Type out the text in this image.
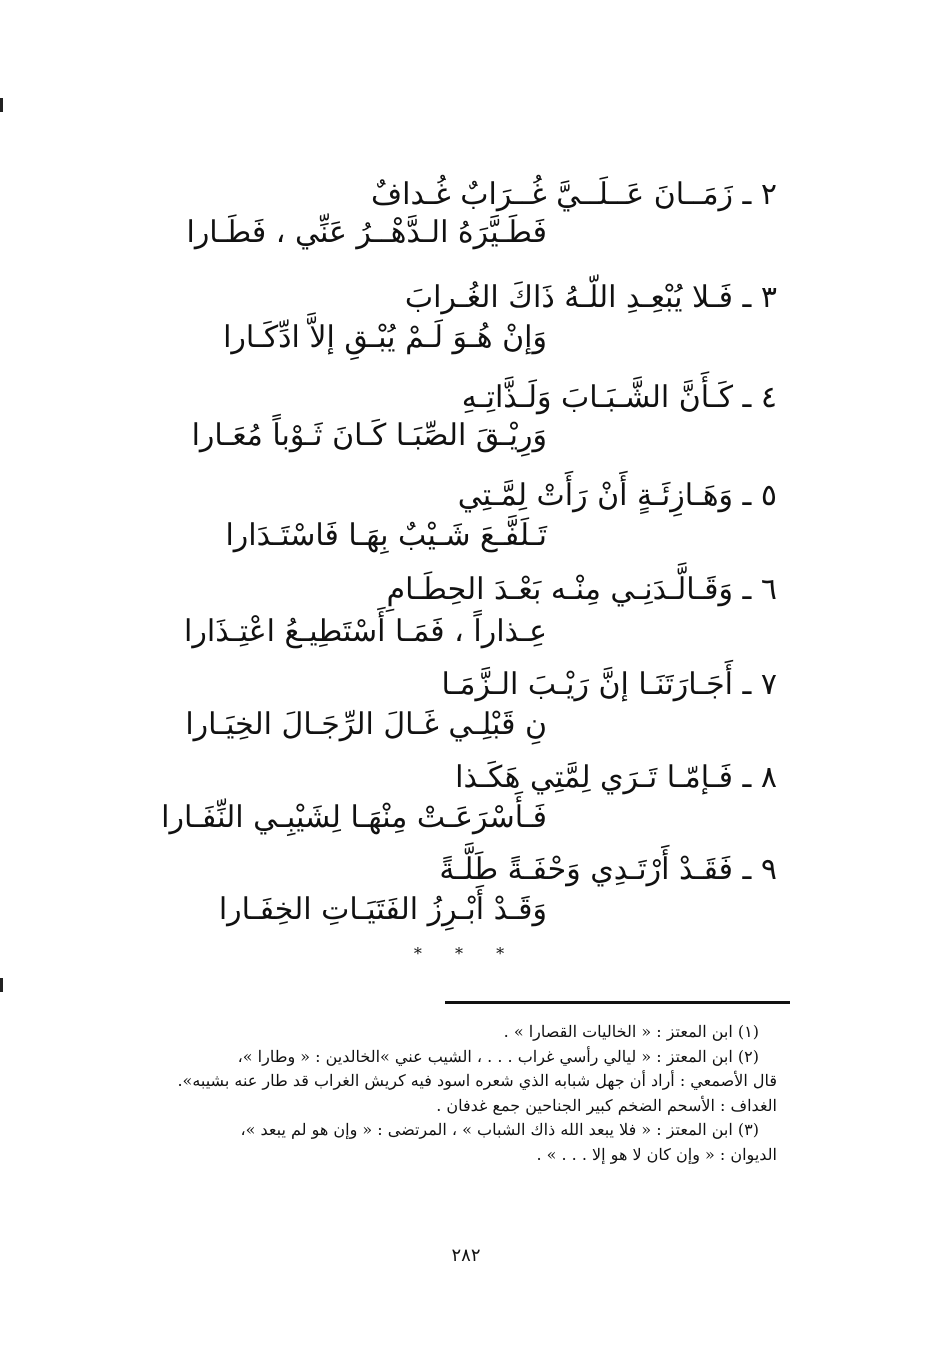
٢ ـ زَمَــانَ عَــلَــيَّ غُــرَابٌ غُـدافٌ
فَطَـيَّرَهُ الـدَّهْــرُ عَنِّي ، فَطَـارا
٣ ـ فَـلا يُبْعِـدِ اللّـهُ ذَاكَ الغُـرابَ
وَإنْ هُـوَ لَـمْ يُبْـقِ إلاَّ ادِّكَـارا
٤ ـ كَـأَنَّ الشَّـبَـابَ وَلَـذَّاتِـهِ
وَرِيْـقَ الصِّبَـا كَـانَ ثَـوْباً مُعَـارا
٥ ـ وَهَـازِئَـةٍ أَنْ رَأَتْ لِمَّـتِي
تَـلَفَّـعَ شَـيْبٌ بِهَـا فَاسْتَـدَارا
٦ ـ وَقَـالَّـدَنِـي مِنْـه بَعْـدَ الحِطَـامِ
عِـذاراً ، فَمَـا أَسْتَطِيـعُ اعْتِـذَارا
٧ ـ أَجَـارَتَنَـا إنَّ رَيْـبَ الـزَّمَـا
نِ قَبْلِـي غَـالَ الرِّجَـالَ الخِيَـارا
٨ ـ فَـإمّـا تَـرَي لِمَّتِي هَكَـذا
فَـأَسْرَعَـتْ مِنْهَـا لِشَيْبِـي النِّفَـارا
٩ ـ فَقَـدْ أَرْتَـدِي وَحْفَـةً طَلَّـةً
وَقَـدْ أَبْـرِزُ الفَتَيَـاتِ الخِفَـارا
* * *
(١) ابن المعتز : « الخاليات القصارا » .
(٢) ابن المعتز : « ليالي رأسي غراب . . . ، الشيب عني »الخالدين : « وطارا »،
قال الأصمعي : أراد أن جهل شبابه الذي شعره اسود فيه كريش الغراب قد طار عنه بشيبه».
الغداف : الأسحم الضخم كبير الجناحين جمع غدفان .
(٣) ابن المعتز : « فلا يبعد الله ذاك الشباب » ، المرتضى : « وإن هو لم يبعد »،
الديوان : « وإن كان لا هو إلا . . . » .
٢٨٢
